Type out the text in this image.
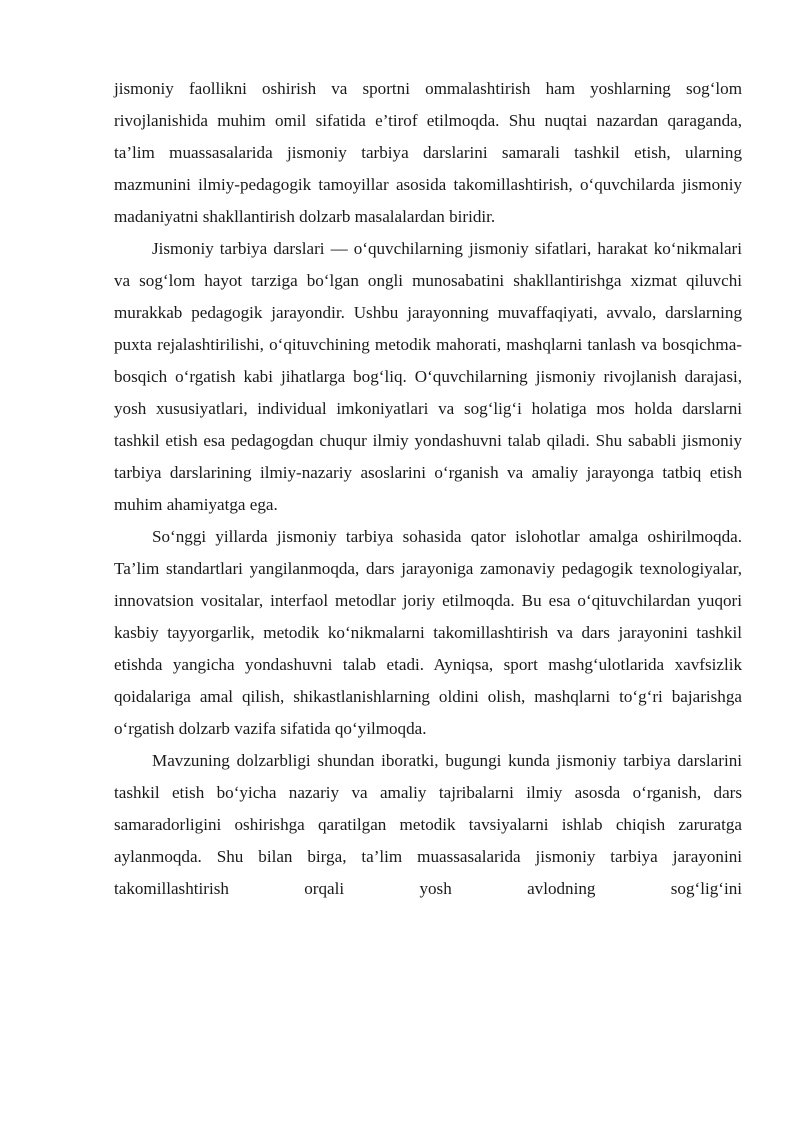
jismoniy faollikni oshirish va sportni ommalashtirish ham yoshlarning sog‘lom rivojlanishida muhim omil sifatida e’tirof etilmoqda. Shu nuqtai nazardan qaraganda, ta’lim muassasalarida jismoniy tarbiya darslarini samarali tashkil etish, ularning mazmunini ilmiy-pedagogik tamoyillar asosida takomillashtirish, o‘quvchilarda jismoniy madaniyatni shakllantirish dolzarb masalalardan biridir.

Jismoniy tarbiya darslari — o‘quvchilarning jismoniy sifatlari, harakat ko‘nikmalari va sog‘lom hayot tarziga bo‘lgan ongli munosabatini shakllantirishga xizmat qiluvchi murakkab pedagogik jarayondir. Ushbu jarayonning muvaffaqiyati, avvalo, darslarning puxta rejalashtirilishi, o‘qituvchining metodik mahorati, mashqlarni tanlash va bosqichma-bosqich o‘rgatish kabi jihatlarga bog‘liq. O‘quvchilarning jismoniy rivojlanish darajasi, yosh xususiyatlari, individual imkoniyatlari va sog‘lig‘i holatiga mos holda darslarni tashkil etish esa pedagogdan chuqur ilmiy yondashuvni talab qiladi. Shu sababli jismoniy tarbiya darslarining ilmiy-nazariy asoslarini o‘rganish va amaliy jarayonga tatbiq etish muhim ahamiyatga ega.

So‘nggi yillarda jismoniy tarbiya sohasida qator islohotlar amalga oshirilmoqda. Ta’lim standartlari yangilanmoqda, dars jarayoniga zamonaviy pedagogik texnologiyalar, innovatsion vositalar, interfaol metodlar joriy etilmoqda. Bu esa o‘qituvchilardan yuqori kasbiy tayyorgarlik, metodik ko‘nikmalarni takomillashtirish va dars jarayonini tashkil etishda yangicha yondashuvni talab etadi. Ayniqsa, sport mashg‘ulotlarida xavfsizlik qoidalariga amal qilish, shikastlanishlarning oldini olish, mashqlarni to‘g‘ri bajarishga o‘rgatish dolzarb vazifa sifatida qo‘yilmoqda.

Mavzuning dolzarbligi shundan iboratki, bugungi kunda jismoniy tarbiya darslarini tashkil etish bo‘yicha nazariy va amaliy tajribalarni ilmiy asosda o‘rganish, dars samaradorligini oshirishga qaratilgan metodik tavsiyalarni ishlab chiqish zaruratga aylanmoqda. Shu bilan birga, ta’lim muassasalarida jismoniy tarbiya jarayonini takomillashtirish orqali yosh avlodning sog‘lig‘ini
